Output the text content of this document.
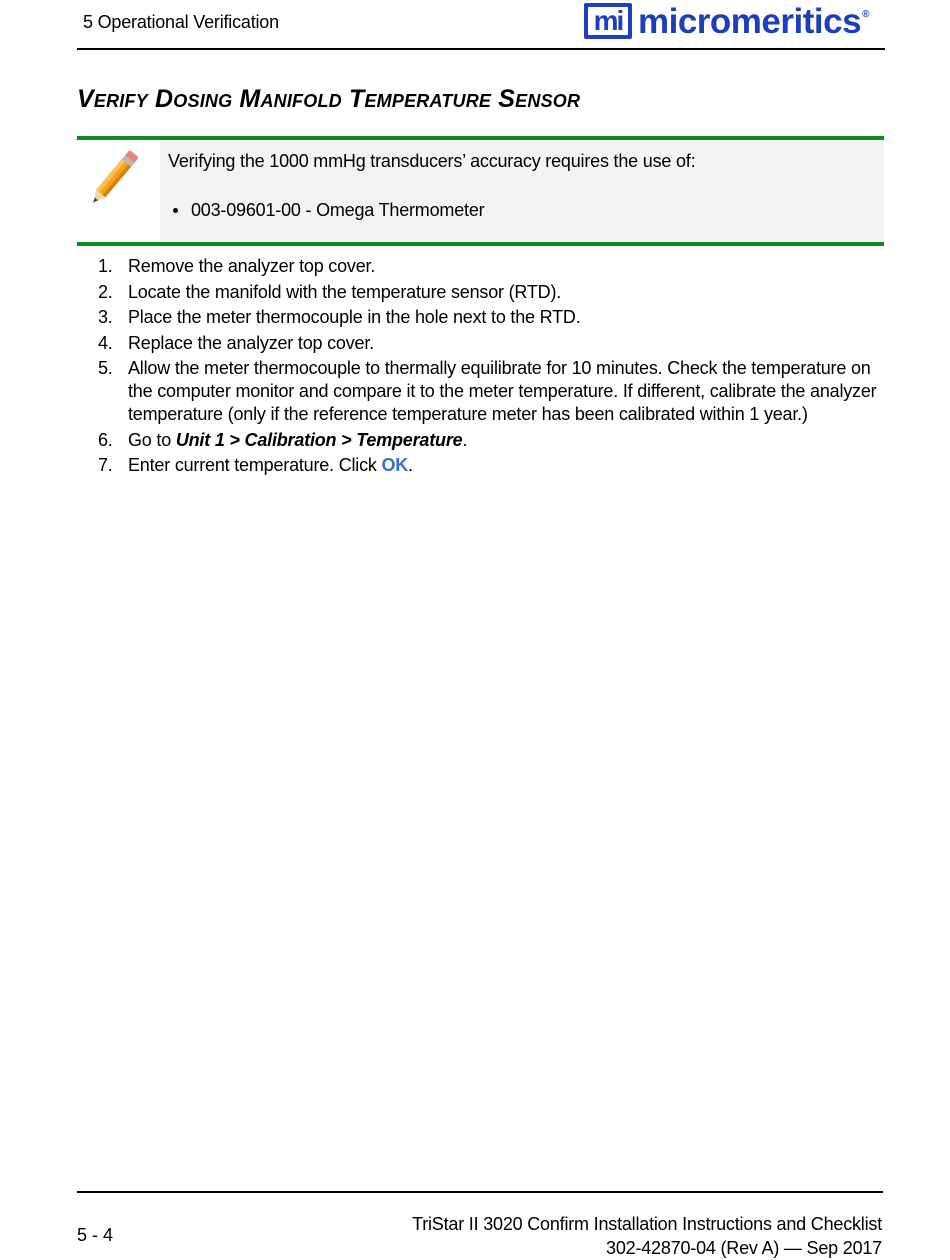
5 Operational Verification	mi micromeritics ®
Verify Dosing Manifold Temperature Sensor
Verifying the 1000 mmHg transducers’ accuracy requires the use of:
003-09601-00 - Omega Thermometer
1. Remove the analyzer top cover.
2. Locate the manifold with the temperature sensor (RTD).
3. Place the meter thermocouple in the hole next to the RTD.
4. Replace the analyzer top cover.
5. Allow the meter thermocouple to thermally equilibrate for 10 minutes. Check the temperature on the computer monitor and compare it to the meter temperature. If different, calibrate the analyzer temperature (only if the reference temperature meter has been calibrated within 1 year.)
6. Go to Unit 1 > Calibration > Temperature.
7. Enter current temperature. Click OK.
5 - 4
TriStar II 3020 Confirm Installation Instructions and Checklist
302-42870-04 (Rev A) — Sep 2017
